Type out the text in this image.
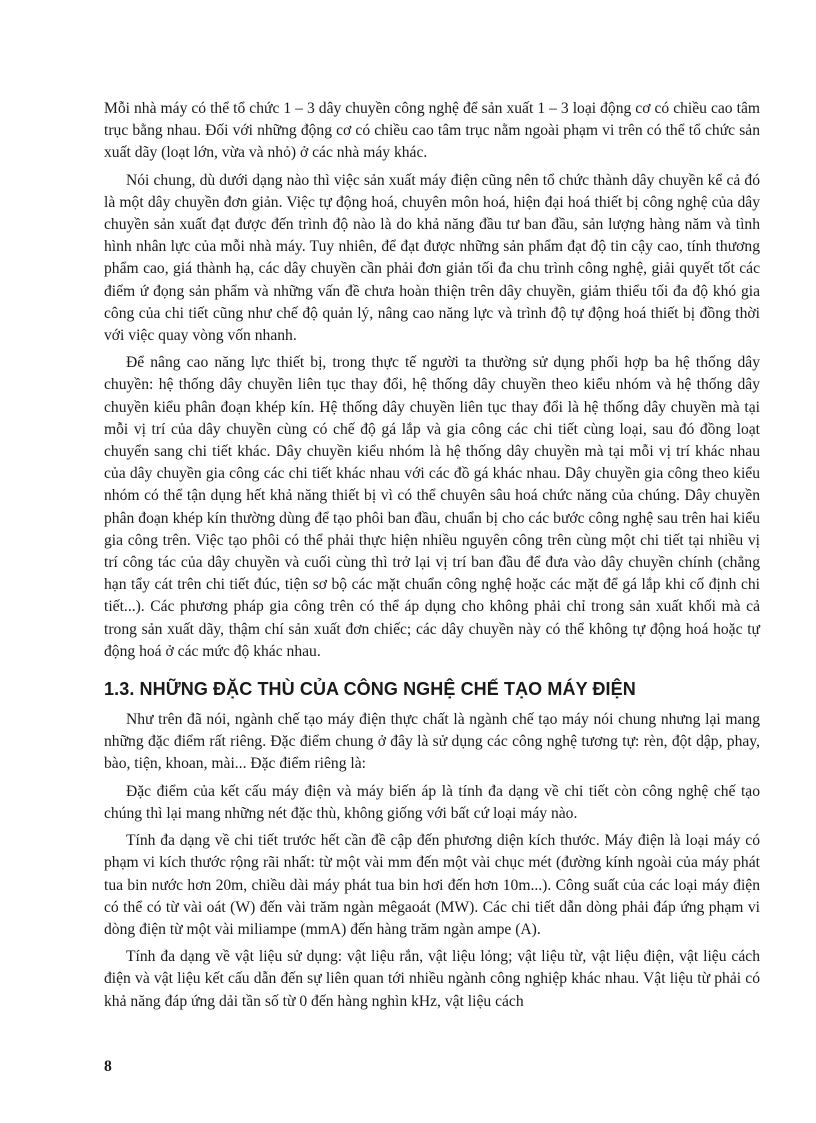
Mỗi nhà máy có thể tổ chức 1 – 3 dây chuyền công nghệ để sản xuất 1 – 3 loại động cơ có chiều cao tâm trục bằng nhau. Đối với những động cơ có chiều cao tâm trục nằm ngoài phạm vi trên có thể tổ chức sản xuất dãy (loạt lớn, vừa và nhỏ) ở các nhà máy khác.

Nói chung, dù dưới dạng nào thì việc sản xuất máy điện cũng nên tổ chức thành dây chuyền kể cả đó là một dây chuyền đơn giản. Việc tự động hoá, chuyên môn hoá, hiện đại hoá thiết bị công nghệ của dây chuyền sản xuất đạt được đến trình độ nào là do khả năng đầu tư ban đầu, sản lượng hàng năm và tình hình nhân lực của mỗi nhà máy. Tuy nhiên, để đạt được những sản phẩm đạt độ tin cậy cao, tính thương phẩm cao, giá thành hạ, các dây chuyền cần phải đơn giản tối đa chu trình công nghệ, giải quyết tốt các điểm ứ đọng sản phẩm và những vấn đề chưa hoàn thiện trên dây chuyền, giảm thiểu tối đa độ khó gia công của chi tiết cũng như chế độ quản lý, nâng cao năng lực và trình độ tự động hoá thiết bị đồng thời với việc quay vòng vốn nhanh.

Để nâng cao năng lực thiết bị, trong thực tế người ta thường sử dụng phối hợp ba hệ thống dây chuyền: hệ thống dây chuyền liên tục thay đổi, hệ thống dây chuyền theo kiểu nhóm và hệ thống dây chuyền kiểu phân đoạn khép kín. Hệ thống dây chuyền liên tục thay đổi là hệ thống dây chuyền mà tại mỗi vị trí của dây chuyền cùng có chế độ gá lắp và gia công các chi tiết cùng loại, sau đó đồng loạt chuyển sang chi tiết khác. Dây chuyền kiểu nhóm là hệ thống dây chuyền mà tại mỗi vị trí khác nhau của dây chuyền gia công các chi tiết khác nhau với các đồ gá khác nhau. Dây chuyền gia công theo kiểu nhóm có thể tận dụng hết khả năng thiết bị vì có thể chuyên sâu hoá chức năng của chúng. Dây chuyền phân đoạn khép kín thường dùng để tạo phôi ban đầu, chuẩn bị cho các bước công nghệ sau trên hai kiểu gia công trên. Việc tạo phôi có thể phải thực hiện nhiều nguyên công trên cùng một chi tiết tại nhiều vị trí công tác của dây chuyền và cuối cùng thì trở lại vị trí ban đầu để đưa vào dây chuyền chính (chẳng hạn tẩy cát trên chi tiết đúc, tiện sơ bộ các mặt chuẩn công nghệ hoặc các mặt để gá lắp khi cố định chi tiết...). Các phương pháp gia công trên có thể áp dụng cho không phải chỉ trong sản xuất khối mà cả trong sản xuất dãy, thậm chí sản xuất đơn chiếc; các dây chuyền này có thể không tự động hoá hoặc tự động hoá ở các mức độ khác nhau.

1.3. NHỮNG ĐẶC THÙ CỦA CÔNG NGHỆ CHẾ TẠO MÁY ĐIỆN

Như trên đã nói, ngành chế tạo máy điện thực chất là ngành chế tạo máy nói chung nhưng lại mang những đặc điểm rất riêng. Đặc điểm chung ở đây là sử dụng các công nghệ tương tự: rèn, đột dập, phay, bào, tiện, khoan, mài... Đặc điểm riêng là:

Đặc điểm của kết cấu máy điện và máy biến áp là tính đa dạng về chi tiết còn công nghệ chế tạo chúng thì lại mang những nét đặc thù, không giống với bất cứ loại máy nào.

Tính đa dạng về chi tiết trước hết cần đề cập đến phương diện kích thước. Máy điện là loại máy có phạm vi kích thước rộng rãi nhất: từ một vài mm đến một vài chục mét (đường kính ngoài của máy phát tua bin nước hơn 20m, chiều dài máy phát tua bin hơi đến hơn 10m...). Công suất của các loại máy điện có thể có từ vài oát (W) đến vài trăm ngàn mêgaoát (MW). Các chi tiết dẫn dòng phải đáp ứng phạm vi dòng điện từ một vài miliampe (mmA) đến hàng trăm ngàn ampe (A).

Tính đa dạng về vật liệu sử dụng: vật liệu rắn, vật liệu lỏng; vật liệu từ, vật liệu điện, vật liệu cách điện và vật liệu kết cấu dẫn đến sự liên quan tới nhiều ngành công nghiệp khác nhau. Vật liệu từ phải có khả năng đáp ứng dải tần số từ 0 đến hàng nghìn kHz, vật liệu cách

8
